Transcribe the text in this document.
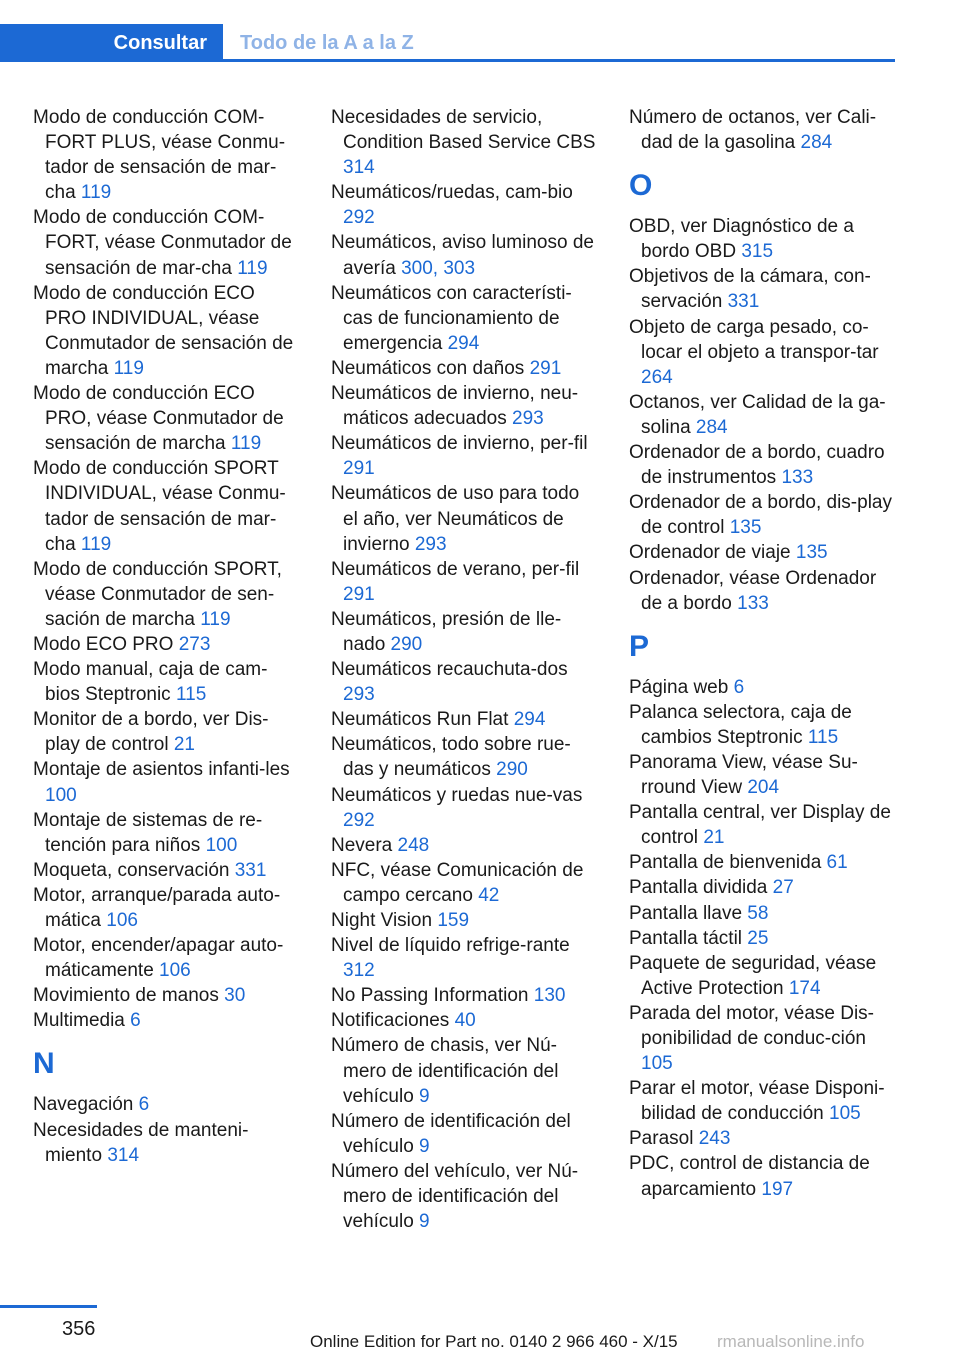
Consultar Todo de la A a la Z
Modo de conducción COM‐FORT PLUS, véase Conmu‐tador de sensación de mar‐cha 119
Modo de conducción COM‐FORT, véase Conmutador de sensación de mar‐cha 119
Modo de conducción ECO PRO INDIVIDUAL, véase Conmutador de sensación de marcha 119
Modo de conducción ECO PRO, véase Conmutador de sensación de marcha 119
Modo de conducción SPORT INDIVIDUAL, véase Conmu‐tador de sensación de mar‐cha 119
Modo de conducción SPORT, véase Conmutador de sen‐sación de marcha 119
Modo ECO PRO 273
Modo manual, caja de cam‐bios Steptronic 115
Monitor de a bordo, ver Dis‐play de control 21
Montaje de asientos infanti‐les 100
Montaje de sistemas de re‐tención para niños 100
Moqueta, conservación 331
Motor, arranque/parada auto‐mática 106
Motor, encender/apagar auto‐máticamente 106
Movimiento de manos 30
Multimedia 6
N
Navegación 6
Necesidades de manteni‐miento 314
Necesidades de servicio, Condition Based Service CBS 314
Neumáticos/ruedas, cam‐bio 292
Neumáticos, aviso luminoso de avería 300, 303
Neumáticos con característi‐cas de funcionamiento de emergencia 294
Neumáticos con daños 291
Neumáticos de invierno, neu‐máticos adecuados 293
Neumáticos de invierno, per‐fil 291
Neumáticos de uso para todo el año, ver Neumáticos de invierno 293
Neumáticos de verano, per‐fil 291
Neumáticos, presión de lle‐nado 290
Neumáticos recauchuta‐dos 293
Neumáticos Run Flat 294
Neumáticos, todo sobre rue‐das y neumáticos 290
Neumáticos y ruedas nue‐vas 292
Nevera 248
NFC, véase Comunicación de campo cercano 42
Night Vision 159
Nivel de líquido refrige‐rante 312
No Passing Information 130
Notificaciones 40
Número de chasis, ver Nú‐mero de identificación del vehículo 9
Número de identificación del vehículo 9
Número del vehículo, ver Nú‐mero de identificación del vehículo 9
Número de octanos, ver Cali‐dad de la gasolina 284
O
OBD, ver Diagnóstico de a bordo OBD 315
Objetivos de la cámara, con‐servación 331
Objeto de carga pesado, co‐locar el objeto a transpor‐tar 264
Octanos, ver Calidad de la ga‐solina 284
Ordenador de a bordo, cuadro de instrumentos 133
Ordenador de a bordo, dis‐play de control 135
Ordenador de viaje 135
Ordenador, véase Ordenador de a bordo 133
P
Página web 6
Palanca selectora, caja de cambios Steptronic 115
Panorama View, véase Su‐rround View 204
Pantalla central, ver Display de control 21
Pantalla de bienvenida 61
Pantalla dividida 27
Pantalla llave 58
Pantalla táctil 25
Paquete de seguridad, véase Active Protection 174
Parada del motor, véase Dis‐ponibilidad de conduc‐ción 105
Parar el motor, véase Disponi‐bilidad de conducción 105
Parasol 243
PDC, control de distancia de aparcamiento 197
356
Online Edition for Part no. 0140 2 966 460 - X/15 rmanualsonline.info
